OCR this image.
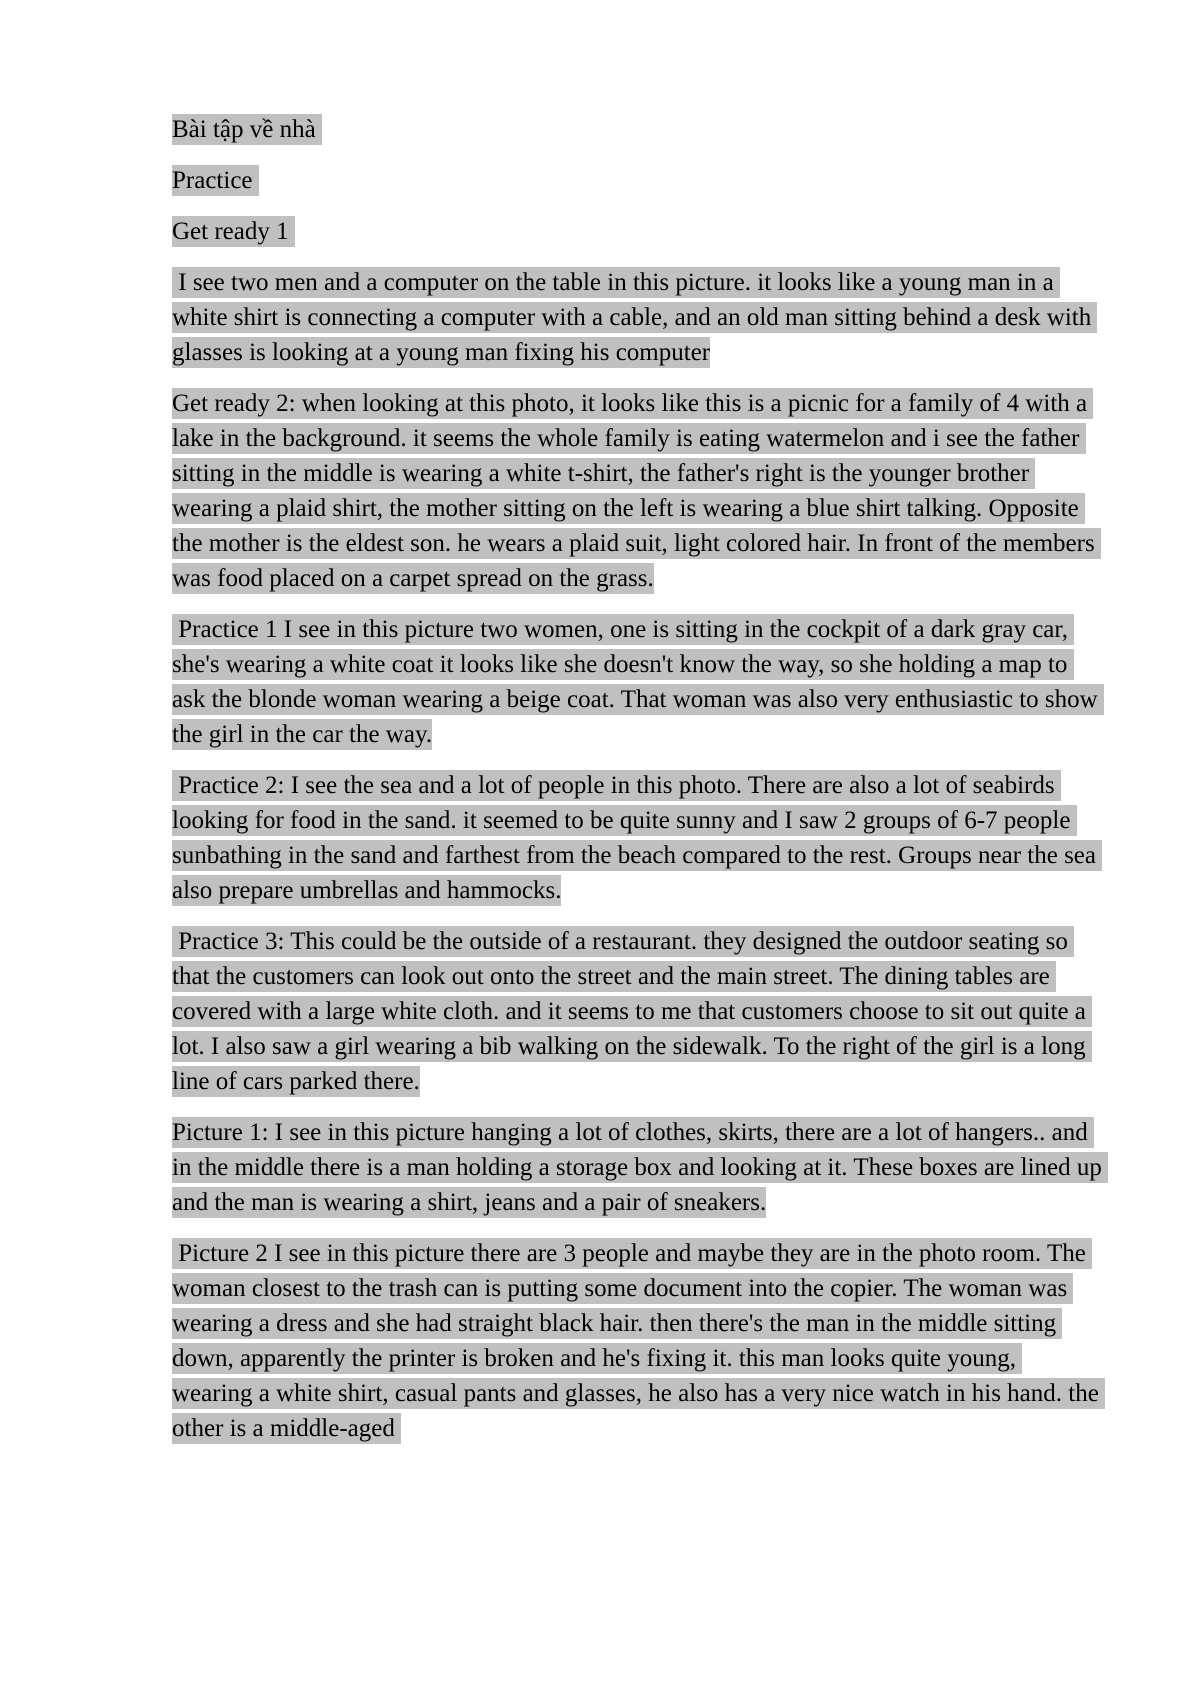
Bài tập về nhà

Practice

Get ready 1

I see two men and a computer on the table in this picture. it looks like a young man in a white shirt is connecting a computer with a cable, and an old man sitting behind a desk with glasses is looking at a young man fixing his computer

Get ready 2: when looking at this photo, it looks like this is a picnic for a family of 4 with a lake in the background. it seems the whole family is eating watermelon and i see the father sitting in the middle is wearing a white t-shirt, the father's right is the younger brother wearing a plaid shirt, the mother sitting on the left is wearing a blue shirt talking. Opposite the mother is the eldest son. he wears a plaid suit, light colored hair. In front of the members was food placed on a carpet spread on the grass.

Practice 1 I see in this picture two women, one is sitting in the cockpit of a dark gray car, she's wearing a white coat it looks like she doesn't know the way, so she holding a map to ask the blonde woman wearing a beige coat. That woman was also very enthusiastic to show the girl in the car the way.

Practice 2: I see the sea and a lot of people in this photo. There are also a lot of seabirds looking for food in the sand. it seemed to be quite sunny and I saw 2 groups of 6-7 people sunbathing in the sand and farthest from the beach compared to the rest. Groups near the sea also prepare umbrellas and hammocks.

Practice 3: This could be the outside of a restaurant. they designed the outdoor seating so that the customers can look out onto the street and the main street. The dining tables are covered with a large white cloth. and it seems to me that customers choose to sit out quite a lot. I also saw a girl wearing a bib walking on the sidewalk. To the right of the girl is a long line of cars parked there.

Picture 1: I see in this picture hanging a lot of clothes, skirts, there are a lot of hangers.. and in the middle there is a man holding a storage box and looking at it. These boxes are lined up and the man is wearing a shirt, jeans and a pair of sneakers.

Picture 2 I see in this picture there are 3 people and maybe they are in the photo room. The woman closest to the trash can is putting some document into the copier. The woman was wearing a dress and she had straight black hair. then there's the man in the middle sitting down, apparently the printer is broken and he's fixing it. this man looks quite young, wearing a white shirt, casual pants and glasses, he also has a very nice watch in his hand. the other is a middle-aged
